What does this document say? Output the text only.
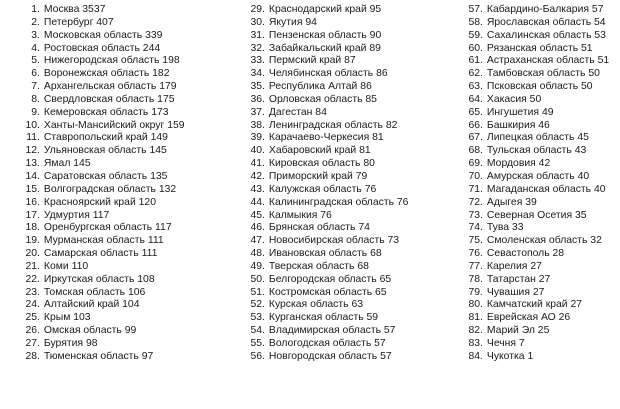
1. Москва 3537
2. Петербург 407
3. Московская область 339
4. Ростовская область 244
5. Нижегородская область 198
6. Воронежская область 182
7. Архангельская область 179
8. Свердловская область 175
9. Кемеровская область 173
10. Ханты-Мансийский округ 159
11. Ставропольский край 149
12. Ульяновская область 145
13. Ямал 145
14. Саратовская область 135
15. Волгоградская область 132
16. Красноярский край 120
17. Удмуртия 117
18. Оренбургская область 117
19. Мурманская область 111
20. Самарская область 111
21. Коми 110
22. Иркутская область 108
23. Томская область 106
24. Алтайский край 104
25. Крым 103
26. Омская область 99
27. Бурятия 98
28. Тюменская область 97
29. Краснодарский край 95
30. Якутия 94
31. Пензенская область 90
32. Забайкальский край 89
33. Пермский край 87
34. Челябинская область 86
35. Республика Алтай 86
36. Орловская область 85
37. Дагестан 84
38. Ленинградская область 82
39. Карачаево-Черкесия 81
40. Хабаровский край 81
41. Кировская область 80
42. Приморский край 79
43. Калужская область 76
44. Калининградская область 76
45. Калмыкия 76
46. Брянская область 74
47. Новосибирская область 73
48. Ивановская область 68
49. Тверская область 68
50. Белгородская область 65
51. Костромская область 65
52. Курская область 63
53. Курганская область 59
54. Владимирская область 57
55. Вологодская область 57
56. Новгородская область 57
57. Кабардино-Балкария 57
58. Ярославская область 54
59. Сахалинская область 53
60. Рязанская область 51
61. Астраханская область 51
62. Тамбовская область 50
63. Псковская область 50
64. Хакасия 50
65. Ингушетия 49
66. Башкирия 46
67. Липецкая область 45
68. Тульская область 43
69. Мордовия 42
70. Амурская область 40
71. Магаданская область 40
72. Адыгея 39
73. Северная Осетия 35
74. Тува 33
75. Смоленская область 32
76. Севастополь 28
77. Карелия 27
78. Татарстан 27
79. Чувашия 27
80. Камчатский край 27
81. Еврейская АО 26
82. Марий Эл 25
83. Чечня 7
84. Чукотка 1
